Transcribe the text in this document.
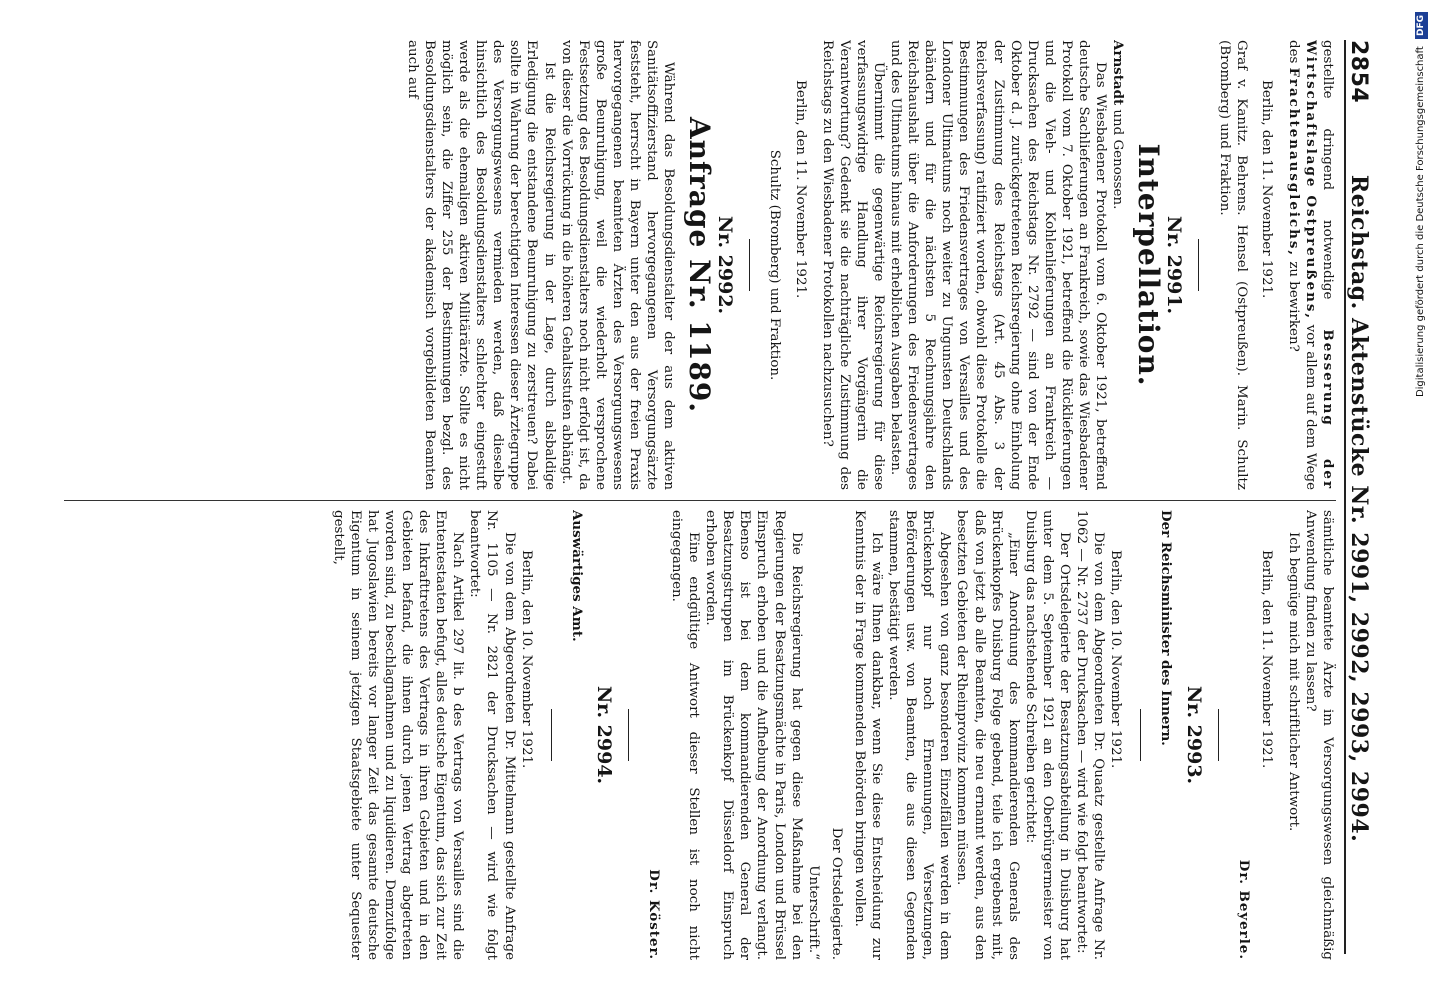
2854
Reichstag. Aktenstücke Nr. 2991, 2992, 2993, 2994.

gestellte dringend notwendige Besserung der Wirtschaftslage Ostpreußens, vor allem auf dem Wege des Frachtenausgleichs, zu bewirken?

Berlin, den 11. November 1921.

Graf v. Kanitz. Behrens. Hensel (Ostpreußen). Marin. Schultz (Bromberg) und Fraktion.

Nr. 2991.
Interpellation.

Arnstadt und Genossen.

Das Wiesbadener Protokoll vom 6. Oktober 1921, betreffend deutsche Sachlieferungen an Frankreich, sowie das Wiesbadener Protokoll vom 7. Oktober 1921, betreffend die Rücklieferungen und die Vieh- und Kohlenlieferungen an Frankreich — Drucksachen des Reichstags Nr. 2792 — sind von der Ende Oktober d. J. zurückgetretenen Reichsregierung ohne Einholung der Zustimmung des Reichstags (Art. 45 Abs. 3 der Reichsverfassung) ratifiziert worden, obwohl diese Protokolle die Bestimmungen des Friedensvertrages von Versailles und des Londoner Ultimatums noch weiter zu Ungunsten Deutschlands abändern und für die nächsten 5 Rechnungsjahre den Reichshaushalt über die Anforderungen des Friedensvertrages und des Ultimatums hinaus mit erheblichen Ausgaben belasten.

Übernimmt die gegenwärtige Reichsregierung für diese verfassungswidrige Handlung ihrer Vorgängerin die Verantwortung? Gedenkt sie die nachträgliche Zustimmung des Reichstags zu den Wiesbadener Protokollen nachzusuchen?

Berlin, den 11. November 1921.

Schultz (Bromberg) und Fraktion.

Nr. 2992.
Anfrage Nr. 1189.

Während das Besoldungsdienstalter der aus dem aktiven Sanitätsoffizierstand hervorgegangenen Versorgungsärzte feststeht, herrscht in Bayern unter den aus der freien Praxis hervorgegangenen beamteten Ärzten des Versorgungswesens große Beunruhigung, weil die wiederholt versprochene Festsetzung des Besoldungsdienstalters noch nicht erfolgt ist, da von dieser die Vorrückung in die höheren Gehaltsstufen abhängt.

Ist die Reichsregierung in der Lage, durch alsbaldige Erledigung die entstandene Beunruhigung zu zerstreuen? Dabei sollte in Wahrung der berechtigten Interessen dieser Ärztegruppe des Versorgungswesens vermieden werden, daß dieselbe hinsichtlich des Besoldungsdienstalters schlechter eingestuft werde als die ehemaligen aktiven Militärärzte. Sollte es nicht möglich sein, die Ziffer 255 der Bestimmungen bezgl. des Besoldungsdienstalters der akademisch vorgebildeten Beamten auch auf

sämtliche beamtete Ärzte im Versorgungswesen gleichmäßig Anwendung finden zu lassen?

Ich begnüge mich mit schriftlicher Antwort.

Berlin, den 11. November 1921.

Dr. Beyerle.

Nr. 2993.

Der Reichsminister des Innern.

Berlin, den 10. November 1921.

Die von dem Abgeordneten Dr. Quaatz gestellte Anfrage Nr. 1062 — Nr. 2737 der Drucksachen — wird wie folgt beantwortet:

Der Ortsdelegierte der Besatzungsabteilung in Duisburg hat unter dem 5. September 1921 an den Oberbürgermeister von Duisburg das nachstehende Schreiben gerichtet:

„Einer Anordnung des kommandierenden Generals des Brückenkopfes Duisburg Folge gebend, teile ich ergebenst mit, daß von jetzt ab alle Beamten, die neu ernannt werden, aus den besetzten Gebieten der Rheinprovinz kommen müssen.

Abgesehen von ganz besonderen Einzelfällen werden in dem Brückenkopf nur noch Ernennungen, Versetzungen, Beförderungen usw. von Beamten, die aus diesen Gegenden stammen, bestätigt werden.

Ich wäre Ihnen dankbar, wenn Sie diese Entscheidung zur Kenntnis der in Frage kommenden Behörden bringen wollen.

Der Ortsdelegierte.

Unterschrift.“

Die Reichsregierung hat gegen diese Maßnahme bei den Regierungen der Besatzungsmächte in Paris, London und Brüssel Einspruch erhoben und die Aufhebung der Anordnung verlangt. Ebenso ist bei dem kommandierenden General der Besatzungstruppen im Brückenkopf Düsseldorf Einspruch erhoben worden.

Eine endgültige Antwort dieser Stellen ist noch nicht eingegangen.

Dr. Köster.

Nr. 2994.

Auswärtiges Amt.

Berlin, den 10. November 1921.

Die von dem Abgeordneten Dr. Mittelmann gestellte Anfrage Nr. 1105 — Nr. 2821 der Drucksachen — wird wie folgt beantwortet:

Nach Artikel 297 lit. b des Vertrags von Versailles sind die Ententestaaten befugt, alles deutsche Eigentum, das sich zur Zeit des Inkrafttretens des Vertrags in ihren Gebieten und in den Gebieten befand, die ihnen durch jenen Vertrag abgetreten worden sind, zu beschlagnahmen und zu liquidieren. Demzufolge hat Jugoslawien bereits vor langer Zeit das gesamte deutsche Eigentum in seinem jetzigen Staatsgebiete unter Sequester gestellt,

Digitalisierung gefördert durch die Deutsche Forschungsgemeinschaft DFG
